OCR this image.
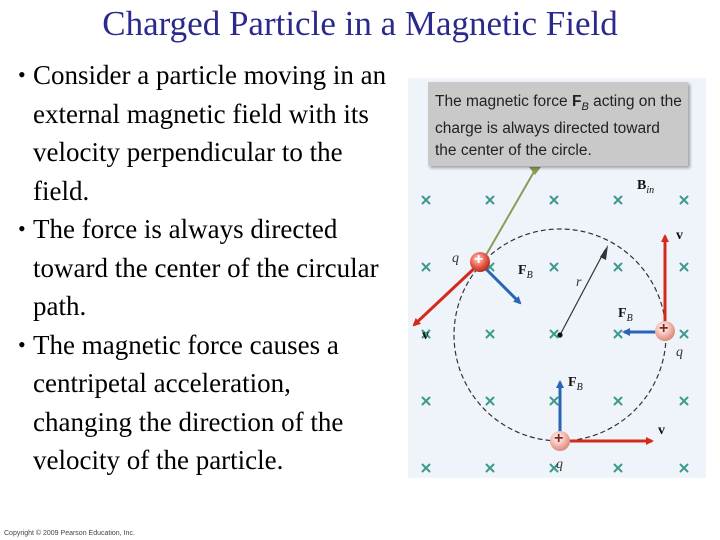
Charged Particle in a Magnetic Field
• Consider a particle moving in an external magnetic field with its velocity perpendicular to the field.
• The force is always directed toward the center of the circular path.
• The magnetic force causes a centripetal acceleration, changing the direction of the velocity of the particle.
Copyright © 2009 Pearson Education, Inc.
The magnetic force $F_B$ acting on the charge is always directed toward the center of the circle.
$B_{in}$
v
v
v
$F_B$
$F_B$
$F_B$
q
q
q
r
+
+
+
